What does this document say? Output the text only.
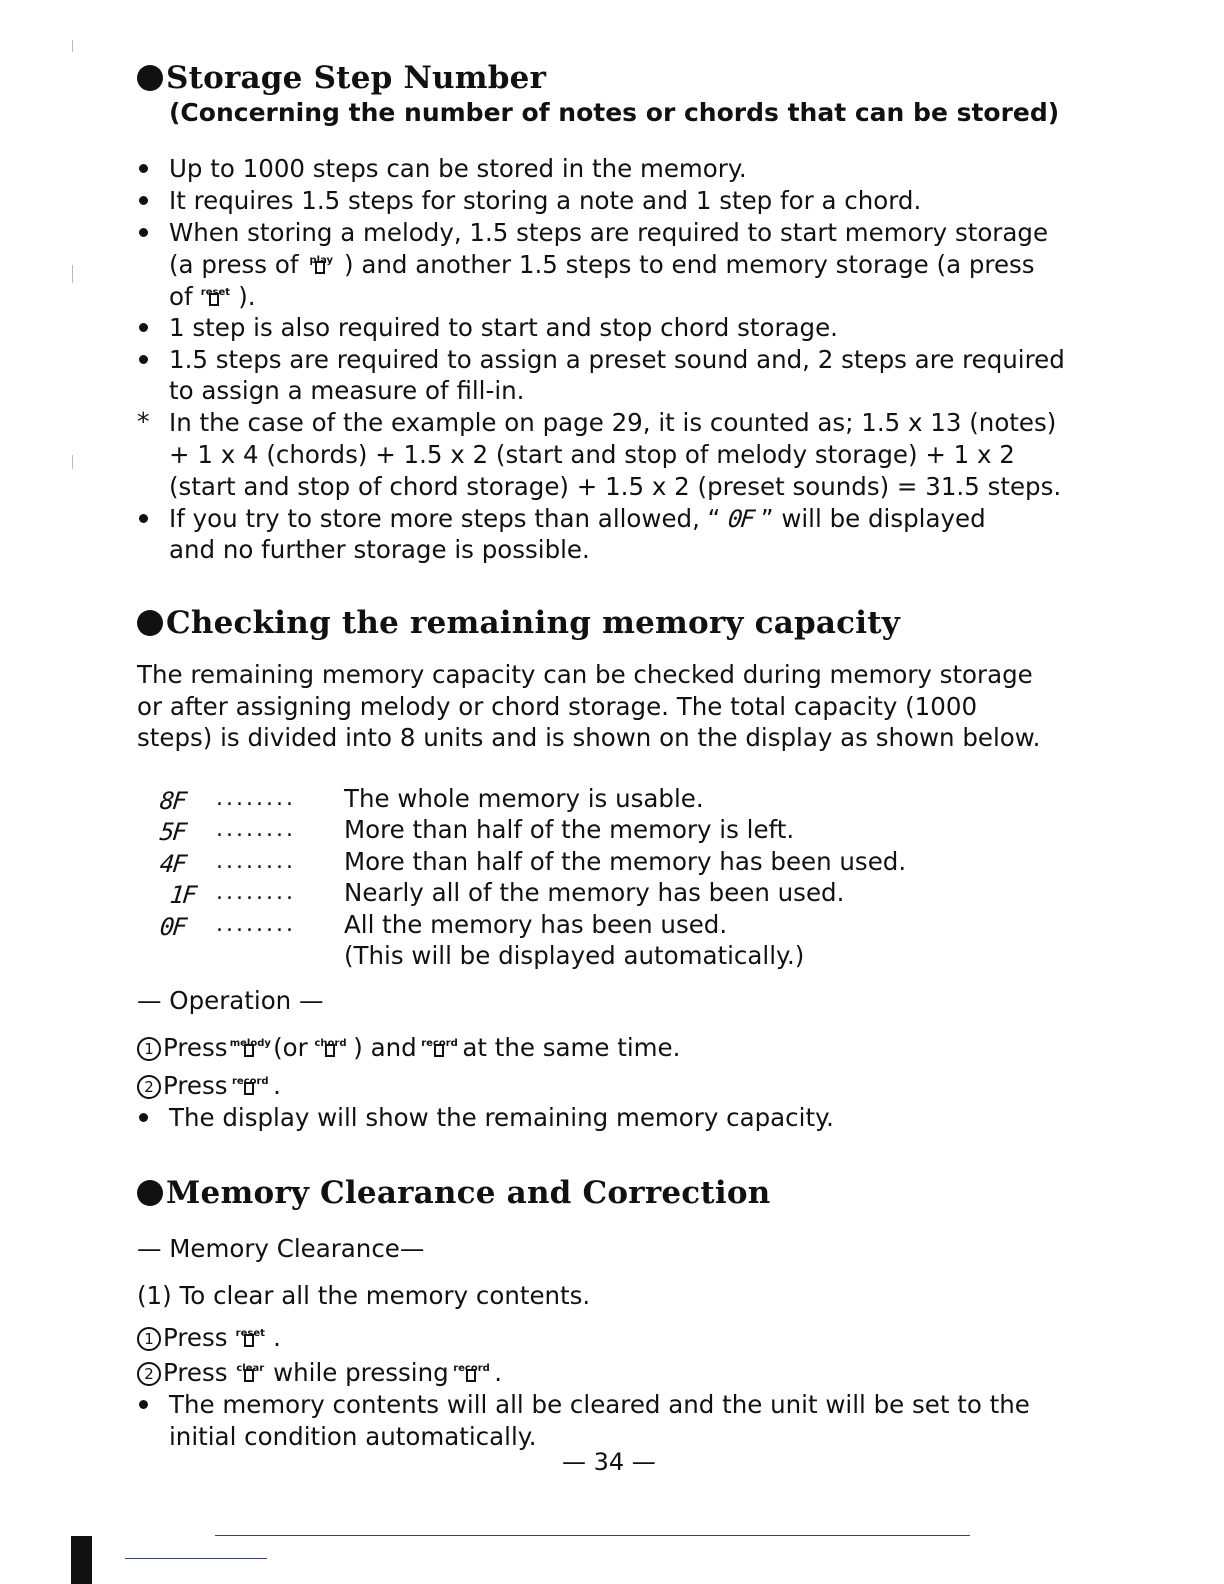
Storage Step Number
(Concerning the number of notes or chords that can be stored)
Up to 1000 steps can be stored in the memory.
It requires 1.5 steps for storing a note and 1 step for a chord.
When storing a melody, 1.5 steps are required to start memory storage
(a press of play ) and another 1.5 steps to end memory storage (a press
of reset ).
1 step is also required to start and stop chord storage.
1.5 steps are required to assign a preset sound and, 2 steps are required
to assign a measure of fill-in.
* In the case of the example on page 29, it is counted as; 1.5 x 13 (notes)
+ 1 x 4 (chords) + 1.5 x 2 (start and stop of melody storage) + 1 x 2
(start and stop of chord storage) + 1.5 x 2 (preset sounds) = 31.5 steps.
If you try to store more steps than allowed, “ 0F ” will be displayed
and no further storage is possible.
Checking the remaining memory capacity
The remaining memory capacity can be checked during memory storage
or after assigning melody or chord storage. The total capacity (1000
steps) is divided into 8 units and is shown on the display as shown below.
8F ........ The whole memory is usable.
5F ........ More than half of the memory is left.
4F ........ More than half of the memory has been used.
1F ........ Nearly all of the memory has been used.
0F ........ All the memory has been used.
(This will be displayed automatically.)
— Operation —
1 Press melody (or chord ) and record at the same time.
2 Press record .
The display will show the remaining memory capacity.
Memory Clearance and Correction
— Memory Clearance—
(1) To clear all the memory contents.
1 Press reset .
2 Press clear while pressing record .
The memory contents will all be cleared and the unit will be set to the
initial condition automatically.
— 34 —
